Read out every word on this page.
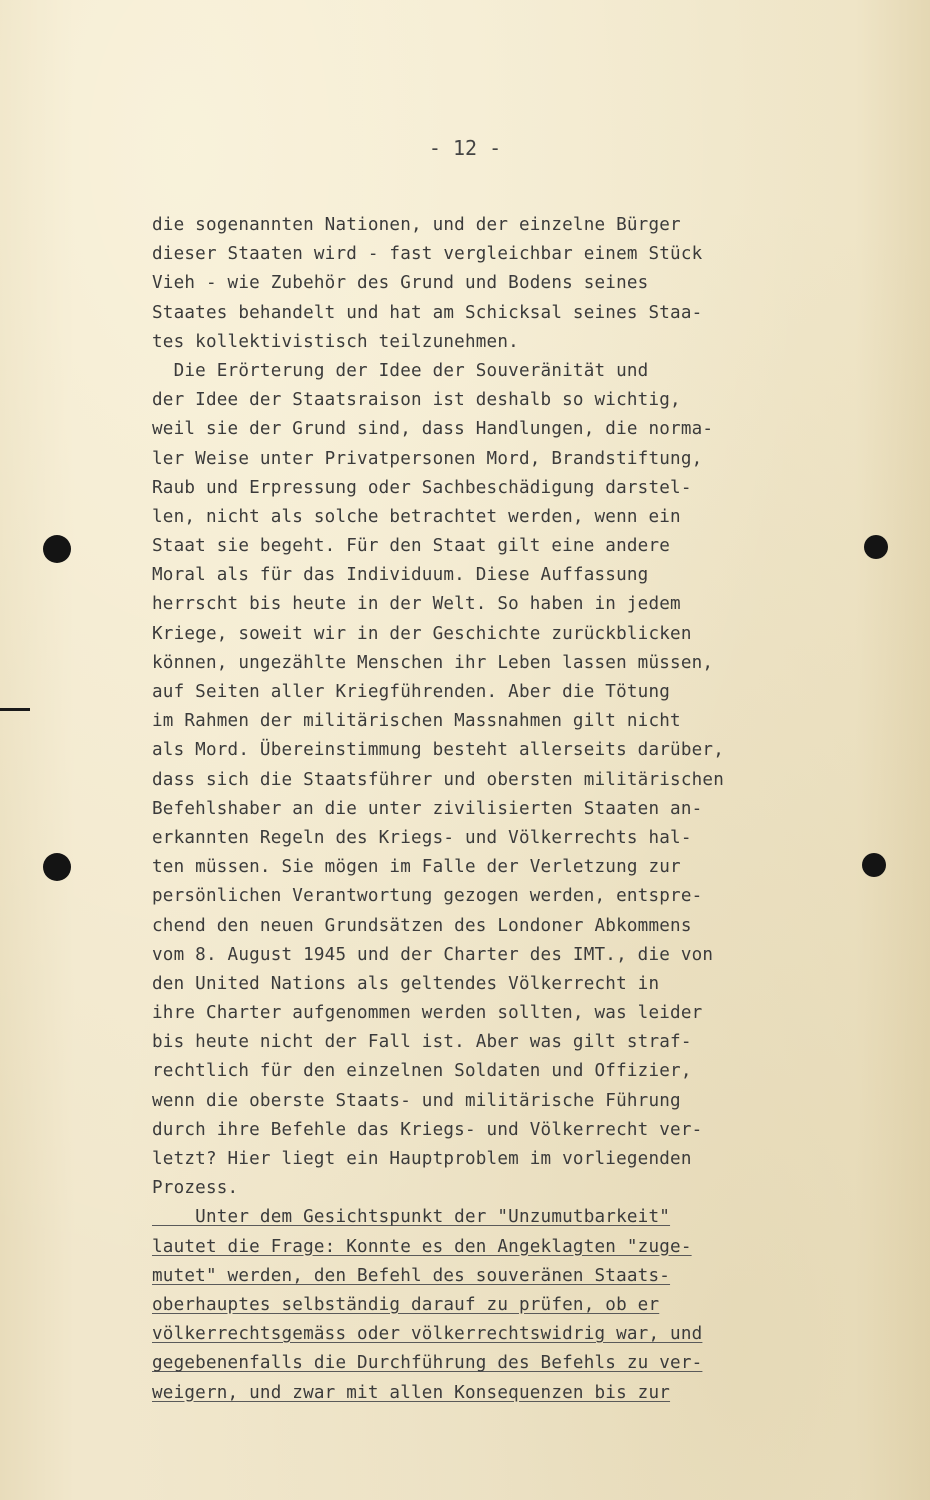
- 12 -
die sogenannten Nationen, und der einzelne Bürger
dieser Staaten wird - fast vergleichbar einem Stück
Vieh - wie Zubehör des Grund und Bodens seines
Staates behandelt und hat am Schicksal seines Staa-
tes kollektivistisch teilzunehmen.
Die Erörterung der Idee der Souveränität und
der Idee der Staatsraison ist deshalb so wichtig,
weil sie der Grund sind, dass Handlungen, die norma-
ler Weise unter Privatpersonen Mord, Brandstiftung,
Raub und Erpressung oder Sachbeschädigung darstel-
len, nicht als solche betrachtet werden, wenn ein
Staat sie begeht. Für den Staat gilt eine andere
Moral als für das Individuum. Diese Auffassung
herrscht bis heute in der Welt. So haben in jedem
Kriege, soweit wir in der Geschichte zurückblicken
können, ungezählte Menschen ihr Leben lassen müssen,
auf Seiten aller Kriegführenden. Aber die Tötung
im Rahmen der militärischen Massnahmen gilt nicht
als Mord. Übereinstimmung besteht allerseits darüber,
dass sich die Staatsführer und obersten militärischen
Befehlshaber an die unter zivilisierten Staaten an-
erkannten Regeln des Kriegs- und Völkerrechts hal-
ten müssen. Sie mögen im Falle der Verletzung zur
persönlichen Verantwortung gezogen werden, entspre-
chend den neuen Grundsätzen des Londoner Abkommens
vom 8. August 1945 und der Charter des IMT., die von
den United Nations als geltendes Völkerrecht in
ihre Charter aufgenommen werden sollten, was leider
bis heute nicht der Fall ist. Aber was gilt straf-
rechtlich für den einzelnen Soldaten und Offizier,
wenn die oberste Staats- und militärische Führung
durch ihre Befehle das Kriegs- und Völkerrecht ver-
letzt? Hier liegt ein Hauptproblem im vorliegenden
Prozess.
Unter dem Gesichtspunkt der "Unzumutbarkeit"
lautet die Frage: Konnte es den Angeklagten "zuge-
mutet" werden, den Befehl des souveränen Staats-
oberhauptes selbständig darauf zu prüfen, ob er
völkerrechtsgemäss oder völkerrechtswidrig war, und
gegebenenfalls die Durchführung des Befehls zu ver-
weigern, und zwar mit allen Konsequenzen bis zur
